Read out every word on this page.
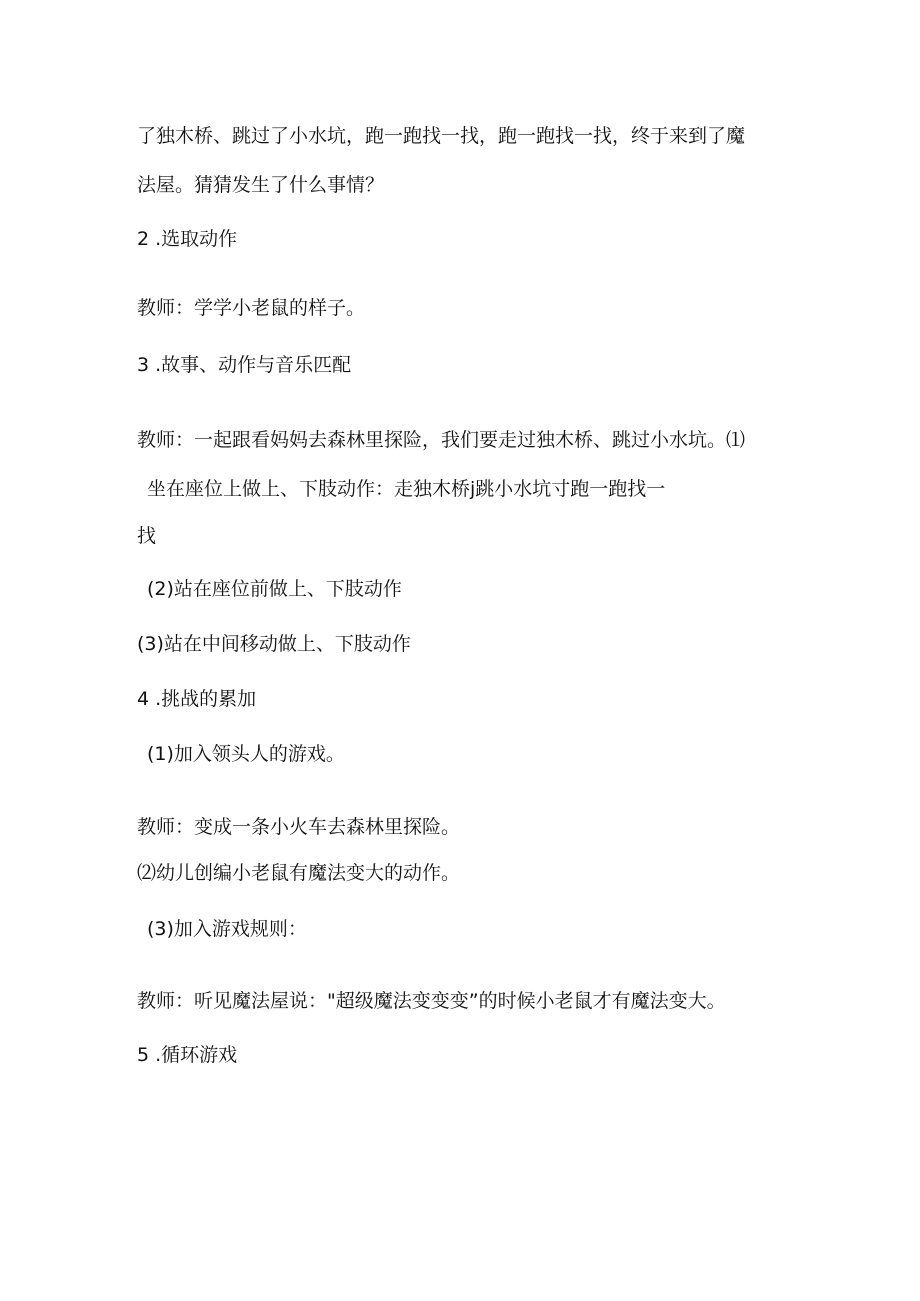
了独木桥、跳过了小水坑，跑一跑找一找，跑一跑找一找，终于来到了魔
法屋。猜猜发生了什么事情？
2 .选取动作
教师：学学小老鼠的样子。
3 .故事、动作与音乐匹配
教师：一起跟看妈妈去森林里探险，我们要走过独木桥、跳过小水坑。⑴
坐在座位上做上、下肢动作：走独木桥j跳小水坑寸跑一跑找一
找
(2)站在座位前做上、下肢动作
(3)站在中间移动做上、下肢动作
4 .挑战的累加
(1)加入领头人的游戏。
教师：变成一条小火车去森林里探险。
⑵幼儿创编小老鼠有魔法变大的动作。
(3)加入游戏规则：
教师：听见魔法屋说："超级魔法变变变”的时候小老鼠才有魔法变大。
5 .循环游戏
